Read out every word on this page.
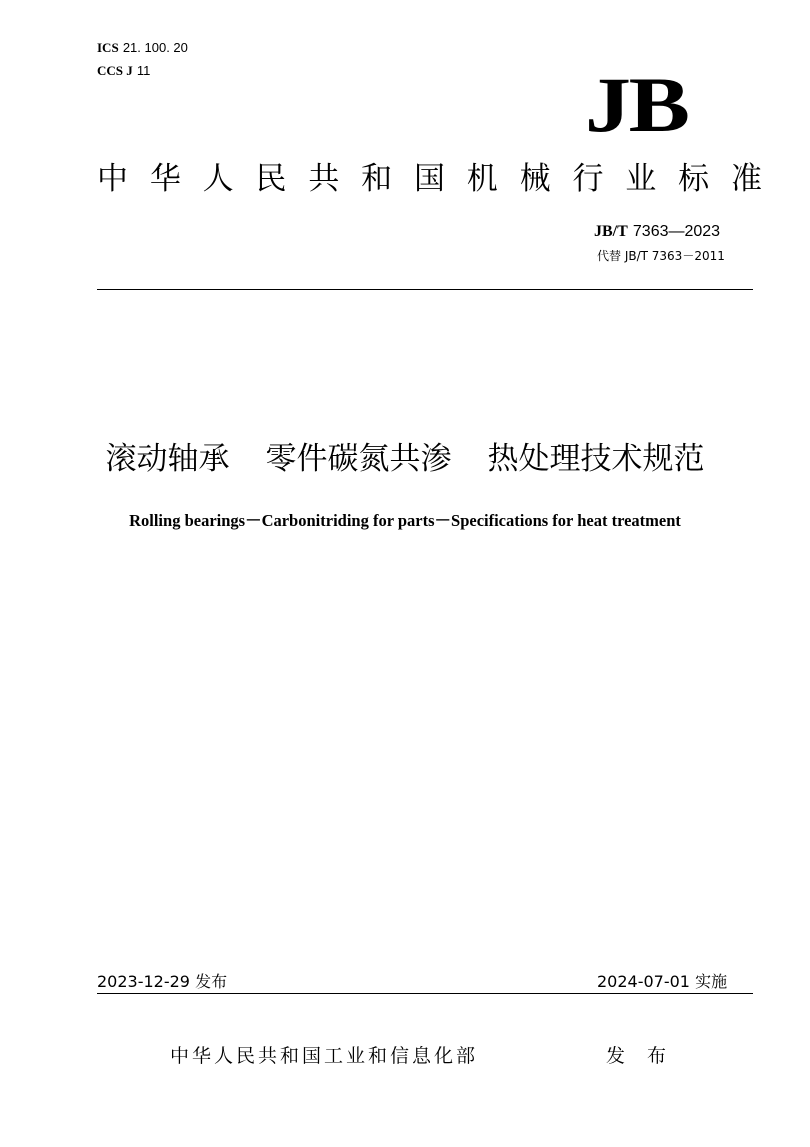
ICS 21. 100. 20
CCS J 11	JB
中 华 人 民 共 和 国 机 械 行 业 标 准
JB/T 7363—2023
代替 JB/T 7363－2011
滚动轴承 零件碳氮共渗 热处理技术规范
Rolling bearings－Carbonitriding for parts－Specifications for heat treatment
2023-12-29 发布	2024-07-01 实施
中华人民共和国工业和信息化部	发 布
